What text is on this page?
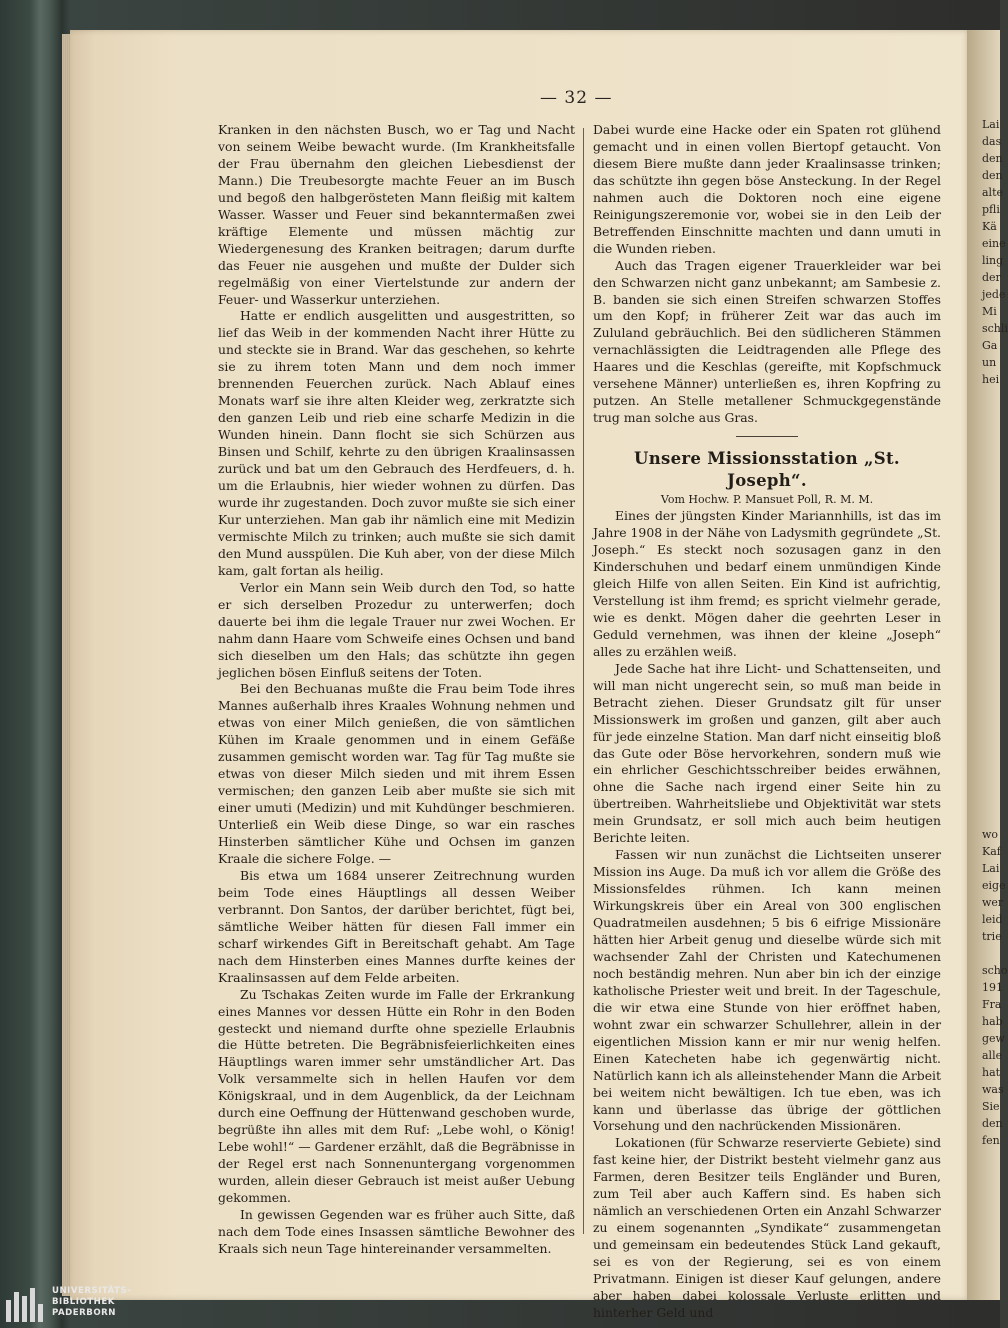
— 32 —

Kranken in den nächsten Busch, wo er Tag und Nacht von seinem Weibe bewacht wurde. (Im Krankheitsfalle der Frau übernahm den gleichen Liebesdienst der Mann.) Die Treubesorgte machte Feuer an im Busch und begoß den halbgerösteten Mann fleißig mit kaltem Wasser. Wasser und Feuer sind bekanntermaßen zwei kräftige Elemente und müssen mächtig zur Wiedergenesung des Kranken beitragen; darum durfte das Feuer nie ausgehen und mußte der Dulder sich regelmäßig von einer Viertelstunde zur andern der Feuer- und Wasserkur unterziehen.

Hatte er endlich ausgelitten und ausgestritten, so lief das Weib in der kommenden Nacht ihrer Hütte zu und steckte sie in Brand. War das geschehen, so kehrte sie zu ihrem toten Mann und dem noch immer brennenden Feuerchen zurück. Nach Ablauf eines Monats warf sie ihre alten Kleider weg, zerkratzte sich den ganzen Leib und rieb eine scharfe Medizin in die Wunden hinein. Dann flocht sie sich Schürzen aus Binsen und Schilf, kehrte zu den übrigen Kraalinsassen zurück und bat um den Gebrauch des Herdfeuers, d. h. um die Erlaubnis, hier wieder wohnen zu dürfen. Das wurde ihr zugestanden. Doch zuvor mußte sie sich einer Kur unterziehen. Man gab ihr nämlich eine mit Medizin vermischte Milch zu trinken; auch mußte sie sich damit den Mund ausspülen. Die Kuh aber, von der diese Milch kam, galt fortan als heilig.

Verlor ein Mann sein Weib durch den Tod, so hatte er sich derselben Prozedur zu unterwerfen; doch dauerte bei ihm die legale Trauer nur zwei Wochen. Er nahm dann Haare vom Schweife eines Ochsen und band sich dieselben um den Hals; das schützte ihn gegen jeglichen bösen Einfluß seitens der Toten.

Bei den Bechuanas mußte die Frau beim Tode ihres Mannes außerhalb ihres Kraales Wohnung nehmen und etwas von einer Milch genießen, die von sämtlichen Kühen im Kraale genommen und in einem Gefäße zusammen gemischt worden war. Tag für Tag mußte sie etwas von dieser Milch sieden und mit ihrem Essen vermischen; den ganzen Leib aber mußte sie sich mit einer umuti (Medizin) und mit Kuhdünger beschmieren. Unterließ ein Weib diese Dinge, so war ein rasches Hinsterben sämtlicher Kühe und Ochsen im ganzen Kraale die sichere Folge. —

Bis etwa um 1684 unserer Zeitrechnung wurden beim Tode eines Häuptlings all dessen Weiber verbrannt. Don Santos, der darüber berichtet, fügt bei, sämtliche Weiber hätten für diesen Fall immer ein scharf wirkendes Gift in Bereitschaft gehabt. Am Tage nach dem Hinsterben eines Mannes durfte keines der Kraalinsassen auf dem Felde arbeiten.

Zu Tschakas Zeiten wurde im Falle der Erkrankung eines Mannes vor dessen Hütte ein Rohr in den Boden gesteckt und niemand durfte ohne spezielle Erlaubnis die Hütte betreten. Die Begräbnisfeierlichkeiten eines Häuptlings waren immer sehr umständlicher Art. Das Volk versammelte sich in hellen Haufen vor dem Königskraal, und in dem Augenblick, da der Leichnam durch eine Oeffnung der Hüttenwand geschoben wurde, begrüßte ihn alles mit dem Ruf: „Lebe wohl, o König! Lebe wohl!“ — Gardener erzählt, daß die Begräbnisse in der Regel erst nach Sonnenuntergang vorgenommen wurden, allein dieser Gebrauch ist meist außer Uebung gekommen.

In gewissen Gegenden war es früher auch Sitte, daß nach dem Tode eines Insassen sämtliche Bewohner des Kraals sich neun Tage hintereinander versammelten.

Dabei wurde eine Hacke oder ein Spaten rot glühend gemacht und in einen vollen Biertopf getaucht. Von diesem Biere mußte dann jeder Kraalinsasse trinken; das schützte ihn gegen böse Ansteckung. In der Regel nahmen auch die Doktoren noch eine eigene Reinigungszeremonie vor, wobei sie in den Leib der Betreffenden Einschnitte machten und dann umuti in die Wunden rieben.

Auch das Tragen eigener Trauerkleider war bei den Schwarzen nicht ganz unbekannt; am Sambesie z. B. banden sie sich einen Streifen schwarzen Stoffes um den Kopf; in früherer Zeit war das auch im Zululand gebräuchlich. Bei den südlicheren Stämmen vernachlässigten die Leidtragenden alle Pflege des Haares und die Keschlas (gereifte, mit Kopfschmuck versehene Männer) unterließen es, ihren Kopfring zu putzen. An Stelle metallener Schmuckgegenstände trug man solche aus Gras.

Unsere Missionsstation „St. Joseph“.

Vom Hochw. P. Mansuet Poll, R. M. M.

Eines der jüngsten Kinder Mariannhills, ist das im Jahre 1908 in der Nähe von Ladysmith gegründete „St. Joseph.“ Es steckt noch sozusagen ganz in den Kinderschuhen und bedarf einem unmündigen Kinde gleich Hilfe von allen Seiten. Ein Kind ist aufrichtig, Verstellung ist ihm fremd; es spricht vielmehr gerade, wie es denkt. Mögen daher die geehrten Leser in Geduld vernehmen, was ihnen der kleine „Joseph“ alles zu erzählen weiß.

Jede Sache hat ihre Licht- und Schattenseiten, und will man nicht ungerecht sein, so muß man beide in Betracht ziehen. Dieser Grundsatz gilt für unser Missionswerk im großen und ganzen, gilt aber auch für jede einzelne Station. Man darf nicht einseitig bloß das Gute oder Böse hervorkehren, sondern muß wie ein ehrlicher Geschichtsschreiber beides erwähnen, ohne die Sache nach irgend einer Seite hin zu übertreiben. Wahrheitsliebe und Objektivität war stets mein Grundsatz, er soll mich auch beim heutigen Berichte leiten.

Fassen wir nun zunächst die Lichtseiten unserer Mission ins Auge. Da muß ich vor allem die Größe des Missionsfeldes rühmen. Ich kann meinen Wirkungskreis über ein Areal von 300 englischen Quadratmeilen ausdehnen; 5 bis 6 eifrige Missionäre hätten hier Arbeit genug und dieselbe würde sich mit wachsender Zahl der Christen und Katechumenen noch beständig mehren. Nun aber bin ich der einzige katholische Priester weit und breit. In der Tageschule, die wir etwa eine Stunde von hier eröffnet haben, wohnt zwar ein schwarzer Schullehrer, allein in der eigentlichen Mission kann er mir nur wenig helfen. Einen Katecheten habe ich gegenwärtig nicht. Natürlich kann ich als alleinstehender Mann die Arbeit bei weitem nicht bewältigen. Ich tue eben, was ich kann und überlasse das übrige der göttlichen Vorsehung und den nachrückenden Missionären.

Lokationen (für Schwarze reservierte Gebiete) sind fast keine hier, der Distrikt besteht vielmehr ganz aus Farmen, deren Besitzer teils Engländer und Buren, zum Teil aber auch Kaffern sind. Es haben sich nämlich an verschiedenen Orten ein Anzahl Schwarzer zu einem sogenannten „Syndikate“ zusammengetan und gemeinsam ein bedeutendes Stück Land gekauft, sei es von der Regierung, sei es von einem Privatmann. Einigen ist dieser Kauf gelungen, andere aber haben dabei kolossale Verluste erlitten und hinterher Geld und

Lai
das
den
den
alte
pfli
Kä
eine
ling
der
jede
Mi
schli
Ga
un
hei
wo
Kaf
Lai
eige
wer
leid
trie
scho
191
Fra
hab
gew
alle
hat
was
Sie
den
fen
UNIVERSITÄTS-
BIBLIOTHEK
PADERBORN
